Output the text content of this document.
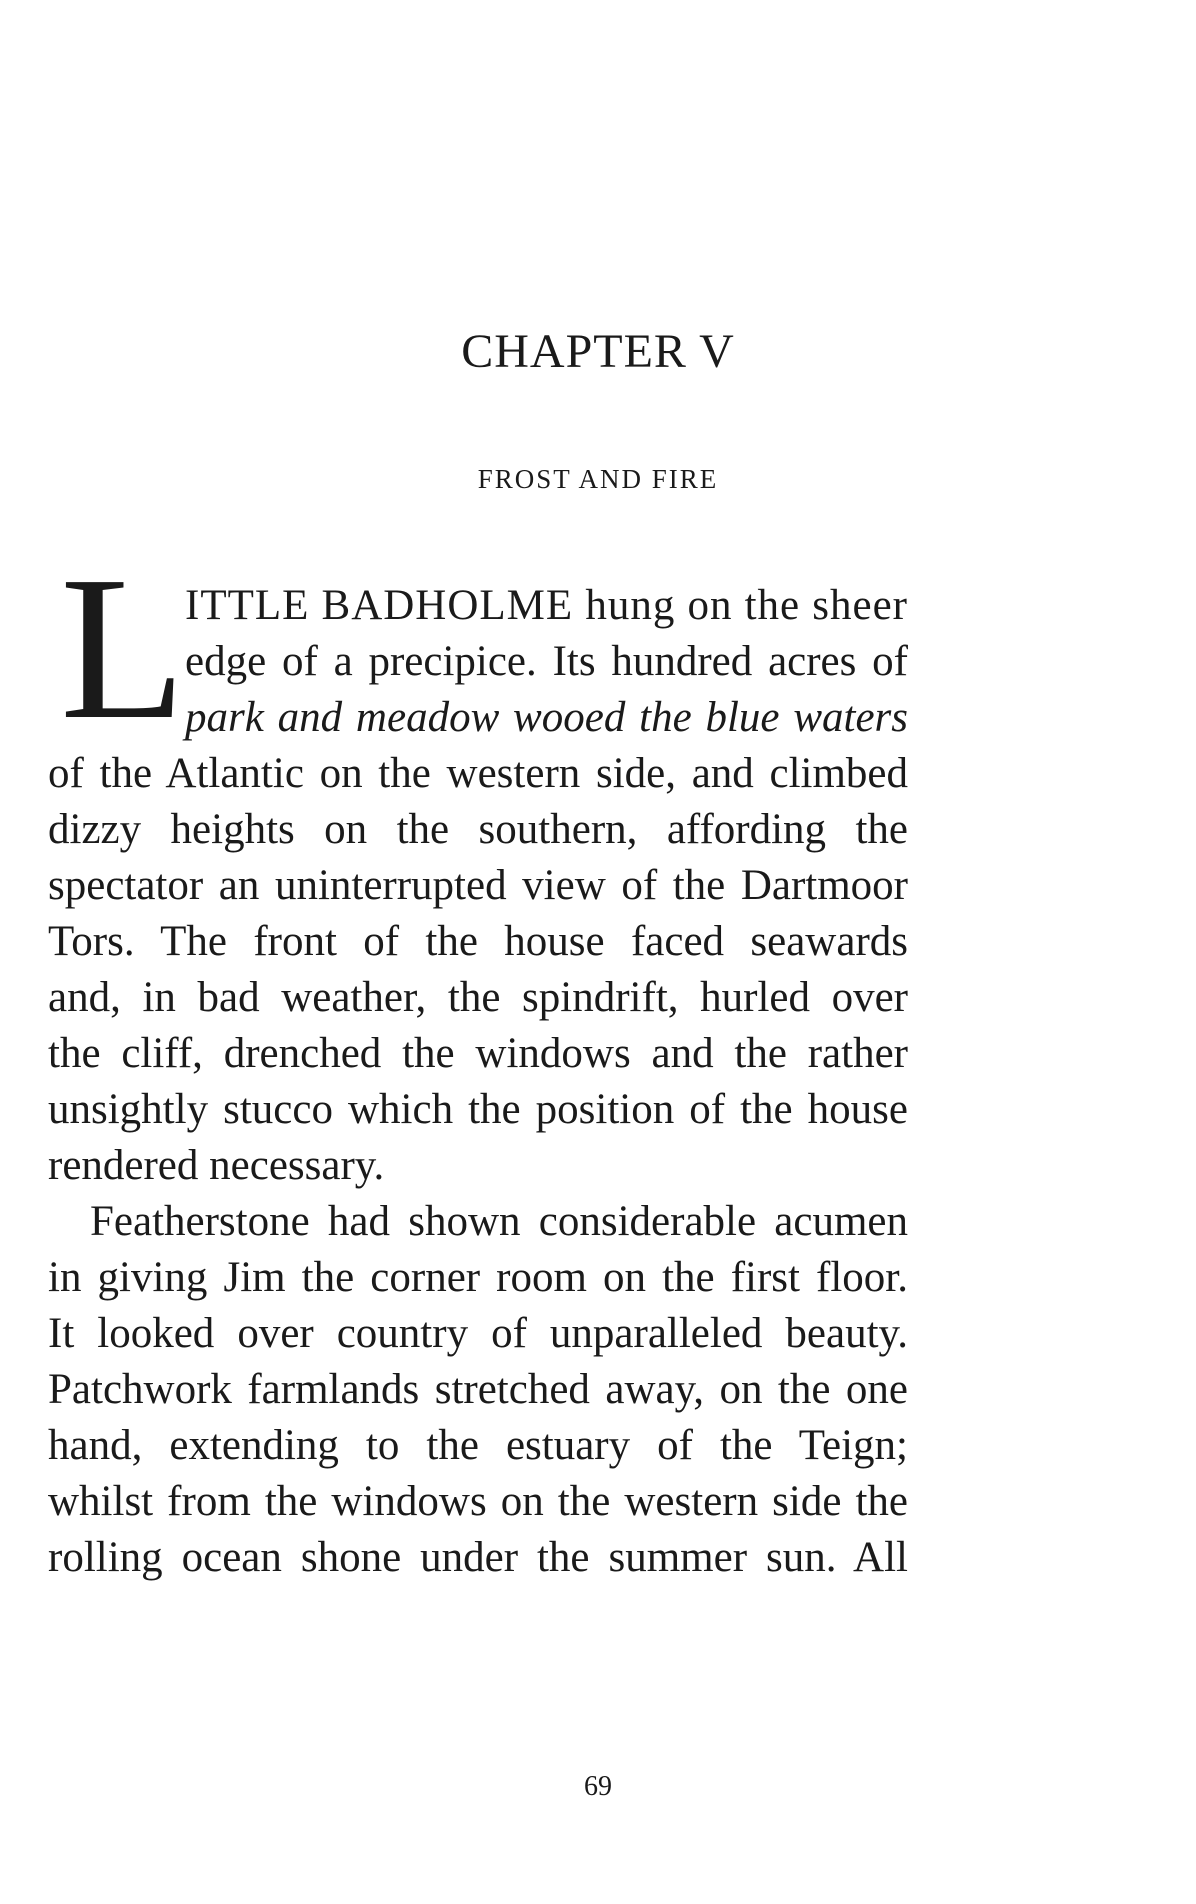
CHAPTER V
FROST AND FIRE
L ITTLE BADHOLME hung on the sheer

edge of a precipice. Its hundred acres of

park and meadow wooed the blue waters

of the Atlantic on the western side, and climbed

dizzy heights on the southern, affording the

spectator an uninterrupted view of the Dartmoor

Tors. The front of the house faced seawards

and, in bad weather, the spindrift, hurled over

the cliff, drenched the windows and the rather

unsightly stucco which the position of the house

rendered necessary.

Featherstone had shown considerable acumen

in giving Jim the corner room on the first floor.

It looked over country of unparalleled beauty.

Patchwork farmlands stretched away, on the one

hand, extending to the estuary of the Teign;

whilst from the windows on the western side the

rolling ocean shone under the summer sun. All

69
